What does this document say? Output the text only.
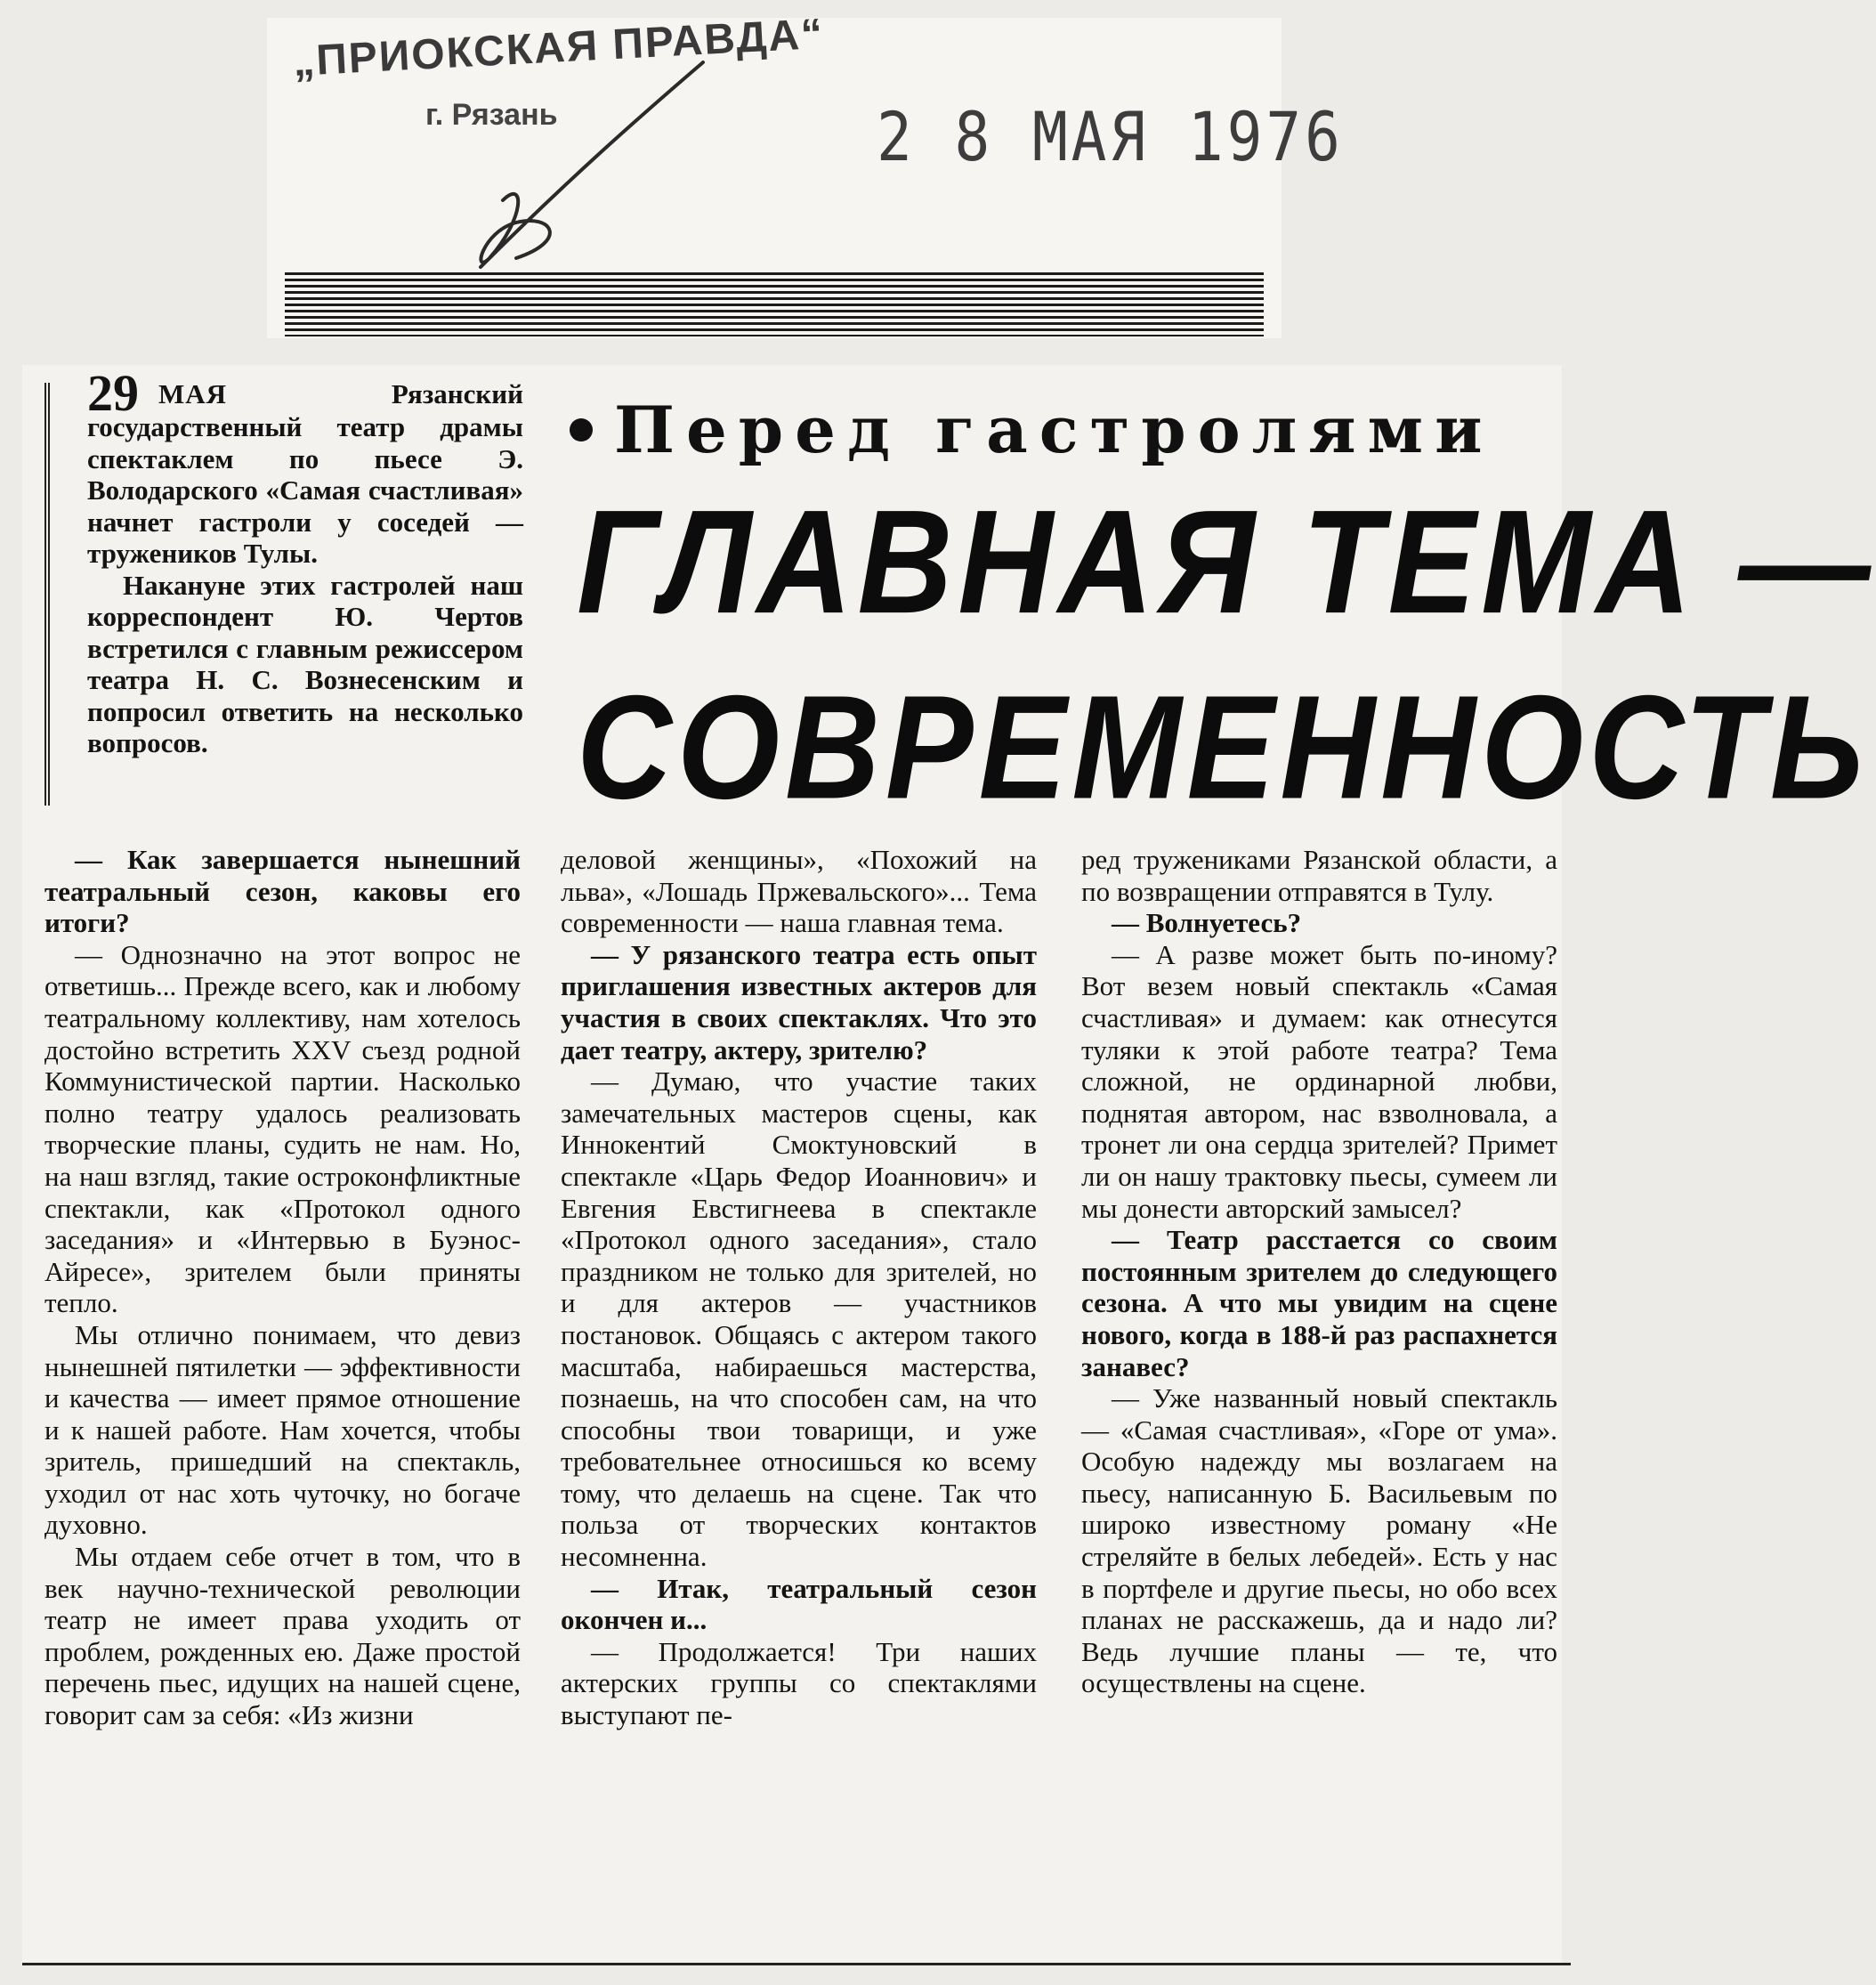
„ПРИОКСКАЯ ПРАВДА“
г. Рязань	2 8 МАЯ 1976

29 МАЯ	Рязанский государственный театр драмы спектаклем по пьесе Э. Володарского «Самая счастливая» начнет гастроли у соседей — тружеников Тулы.

Накануне этих гастролей наш корреспондент Ю. Чертов встретился с главным режиссером театра Н. С. Вознесенским и попросил ответить на несколько вопросов.

Перед гастролями
ГЛАВНАЯ ТЕМА —
СОВРЕМЕННОСТЬ

— Как завершается нынешний театральный сезон, каковы его итоги?

— Однозначно на этот вопрос не ответишь... Прежде всего, как и любому театральному коллективу, нам хотелось достойно встретить XXV съезд родной Коммунистической партии. Насколько полно театру удалось реализовать творческие планы, судить не нам. Но, на наш взгляд, такие остроконфликтные спектакли, как «Протокол одного заседания» и «Интервью в Буэнос-Айресе», зрителем были приняты тепло.

Мы отлично понимаем, что девиз нынешней пятилетки — эффективности и качества — имеет прямое отношение и к нашей работе. Нам хочется, чтобы зритель, пришедший на спектакль, уходил от нас хоть чуточку, но богаче духовно.

Мы отдаем себе отчет в том, что в век научно-технической революции театр не имеет права уходить от проблем, рожденных ею. Даже простой перечень пьес, идущих на нашей сцене, говорит сам за себя: «Из жизни

деловой женщины», «Похожий на льва», «Лошадь Пржевальского»... Тема современности — наша главная тема.

— У рязанского театра есть опыт приглашения известных актеров для участия в своих спектаклях. Что это дает театру, актеру, зрителю?

— Думаю, что участие таких замечательных мастеров сцены, как Иннокентий Смоктуновский в спектакле «Царь Федор Иоаннович» и Евгения Евстигнеева в спектакле «Протокол одного заседания», стало праздником не только для зрителей, но и для актеров — участников постановок. Общаясь с актером такого масштаба, набираешься мастерства, познаешь, на что способен сам, на что способны твои товарищи, и уже требовательнее относишься ко всему тому, что делаешь на сцене. Так что польза от творческих контактов несомненна.

— Итак, театральный сезон окончен и...

— Продолжается! Три наших актерских группы со спектаклями выступают пе-

ред тружениками Рязанской области, а по возвращении отправятся в Тулу.

— Волнуетесь?

— А разве может быть по-иному? Вот везем новый спектакль «Самая счастливая» и думаем: как отнесутся туляки к этой работе театра? Тема сложной, не ординарной любви, поднятая автором, нас взволновала, а тронет ли она сердца зрителей? Примет ли он нашу трактовку пьесы, сумеем ли мы донести авторский замысел?

— Театр расстается со своим постоянным зрителем до следующего сезона. А что мы увидим на сцене нового, когда в 188-й раз распахнется занавес?

— Уже названный новый спектакль — «Самая счастливая», «Горе от ума». Особую надежду мы возлагаем на пьесу, написанную Б. Васильевым по широко известному роману «Не стреляйте в белых лебедей». Есть у нас в портфеле и другие пьесы, но обо всех планах не расскажешь, да и надо ли? Ведь лучшие планы — те, что осуществлены на сцене.
